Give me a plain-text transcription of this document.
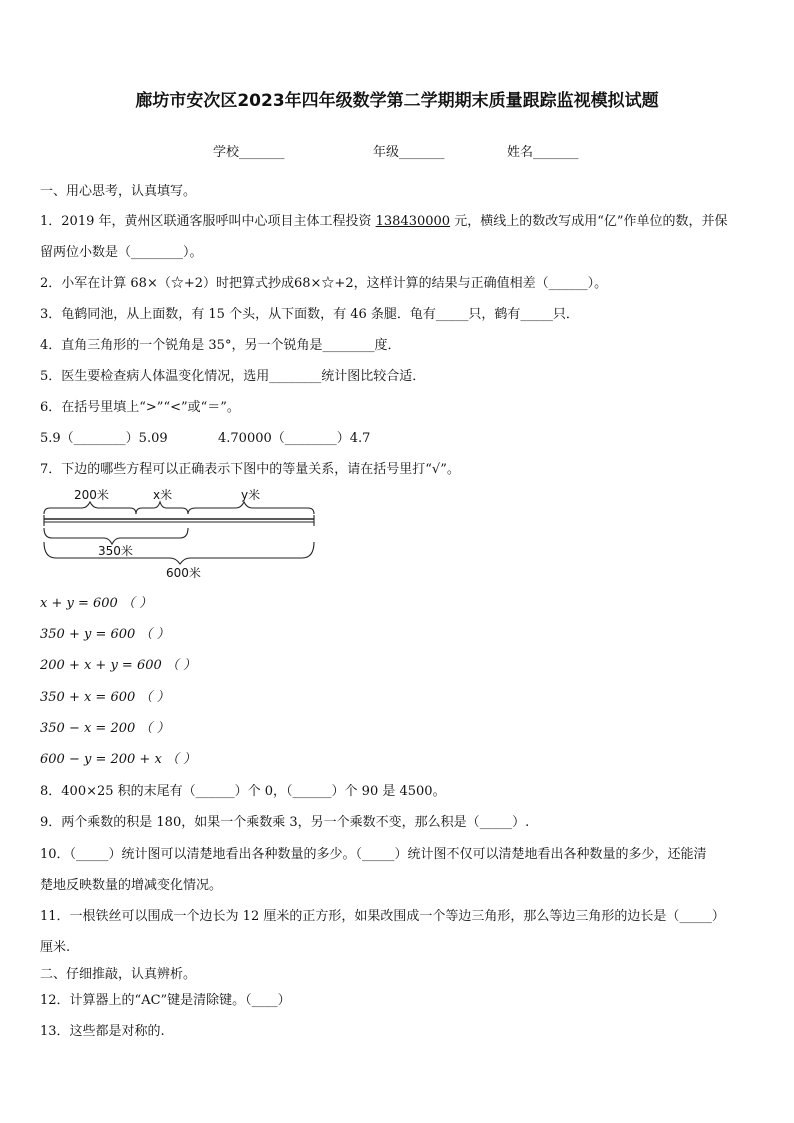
廊坊市安次区2023年四年级数学第二学期期末质量跟踪监视模拟试题
学校_______	年级_______	姓名_______
一、用心思考，认真填写。
1．2019 年，黄州区联通客服呼叫中心项目主体工程投资 138430000 元，横线上的数改写成用“亿”作单位的数，并保
留两位小数是（________）。
2．小军在计算 68×（☆+2）时把算式抄成68×☆+2，这样计算的结果与正确值相差（______）。
3．龟鹤同池，从上面数，有 15 个头，从下面数，有 46 条腿．龟有_____只，鹤有_____只．
4．直角三角形的一个锐角是 35°，另一个锐角是________度．
5．医生要检查病人体温变化情况，选用________统计图比较合适．
6．在括号里填上“>”“<”或“＝”。
5.9（________）5.09	4.70000（________）4.7
7．下边的哪些方程可以正确表示下图中的等量关系，请在括号里打“√”。
200米	x米	y米
350米
600米
x + y = 600 （ ）
350 + y = 600 （ ）
200 + x + y = 600 （ ）
350 + x = 600 （ ）
350 − x = 200 （ ）
600 − y = 200 + x （ ）
8．400×25 积的末尾有（______）个 0，（______）个 90 是 4500。
9．两个乘数的积是 180，如果一个乘数乘 3，另一个乘数不变，那么积是（_____）.
10．（_____）统计图可以清楚地看出各种数量的多少。（_____）统计图不仅可以清楚地看出各种数量的多少，还能清
楚地反映数量的增减变化情况。
11．一根铁丝可以围成一个边长为 12 厘米的正方形，如果改围成一个等边三角形，那么等边三角形的边长是（_____）
厘米.
二、仔细推敲，认真辨析。
12．计算器上的“AC”键是清除键。（____）
13．这些都是对称的.
